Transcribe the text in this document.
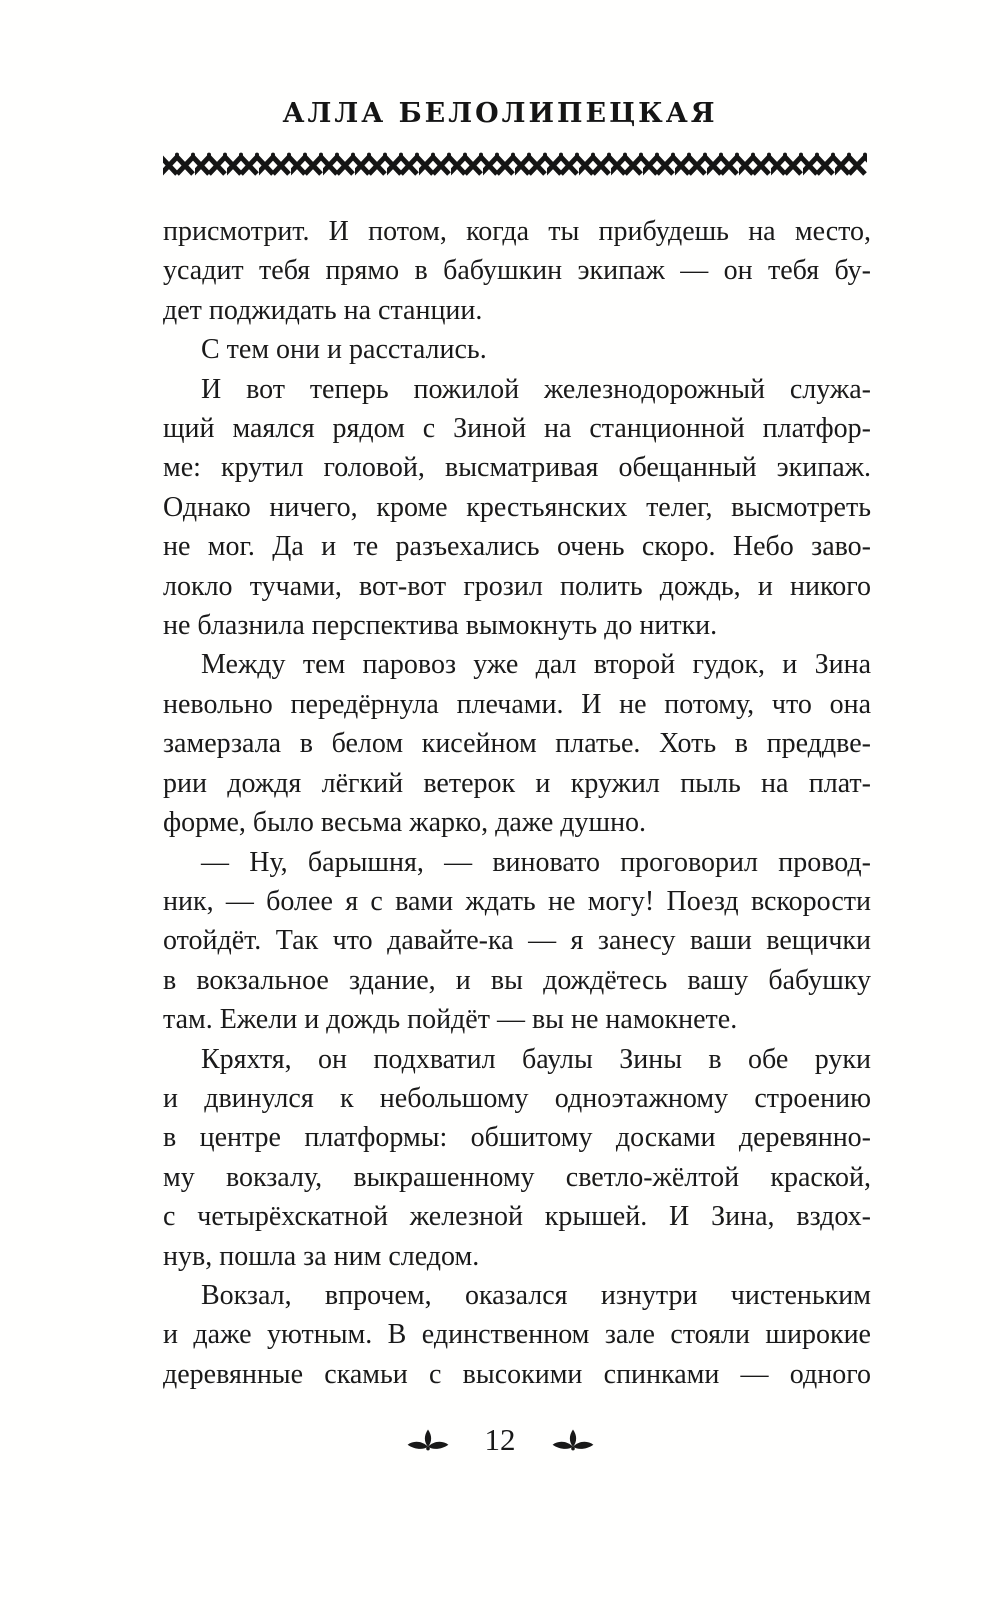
АЛЛА БЕЛОЛИПЕЦКАЯ
присмотрит. И потом, когда ты прибудешь на место,
усадит тебя прямо в бабушкин экипаж — он тебя бу-
дет поджидать на станции.
С тем они и расстались.
И вот теперь пожилой железнодорожный служа-
щий маялся рядом с Зиной на станционной платфор-
ме: крутил головой, высматривая обещанный экипаж.
Однако ничего, кроме крестьянских телег, высмотреть
не мог. Да и те разъехались очень скоро. Небо заво-
локло тучами, вот-вот грозил полить дождь, и никого
не блазнила перспектива вымокнуть до нитки.
Между тем паровоз уже дал второй гудок, и Зина
невольно передёрнула плечами. И не потому, что она
замерзала в белом кисейном платье. Хоть в преддве-
рии дождя лёгкий ветерок и кружил пыль на плат-
форме, было весьма жарко, даже душно.
— Ну, барышня, — виновато проговорил провод-
ник, — более я с вами ждать не могу! Поезд вскорости
отойдёт. Так что давайте-ка — я занесу ваши вещички
в вокзальное здание, и вы дождётесь вашу бабушку
там. Ежели и дождь пойдёт — вы не намокнете.
Кряхтя, он подхватил баулы Зины в обе руки
и двинулся к небольшому одноэтажному строению
в центре платформы: обшитому досками деревянно-
му вокзалу, выкрашенному светло-жёлтой краской,
с четырёхскатной железной крышей. И Зина, вздох-
нув, пошла за ним следом.
Вокзал, впрочем, оказался изнутри чистеньким
и даже уютным. В единственном зале стояли широкие
деревянные скамьи с высокими спинками — одного
12
